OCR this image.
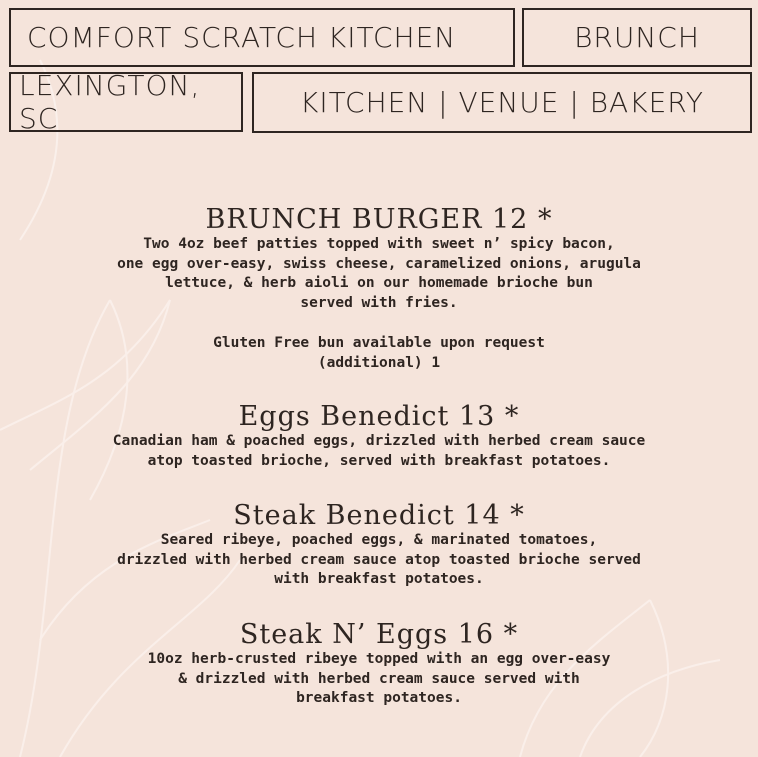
COMFORT SCRATCH KITCHEN	BRUNCH
LEXINGTON, SC	KITCHEN | VENUE | BAKERY
BRUNCH BURGER 12 *
Two 4oz beef patties topped with sweet n’ spicy bacon,
one egg over-easy, swiss cheese, caramelized onions, arugula
lettuce, & herb aioli on our homemade brioche bun
served with fries.
Gluten Free bun available upon request
(additional) 1
Eggs Benedict 13 *
Canadian ham & poached eggs, drizzled with herbed cream sauce
atop toasted brioche, served with breakfast potatoes.
Steak Benedict 14 *
Seared ribeye, poached eggs, & marinated tomatoes,
drizzled with herbed cream sauce atop toasted brioche served
with breakfast potatoes.
Steak N’ Eggs 16 *
10oz herb-crusted ribeye topped with an egg over-easy
& drizzled with herbed cream sauce served with
breakfast potatoes.
